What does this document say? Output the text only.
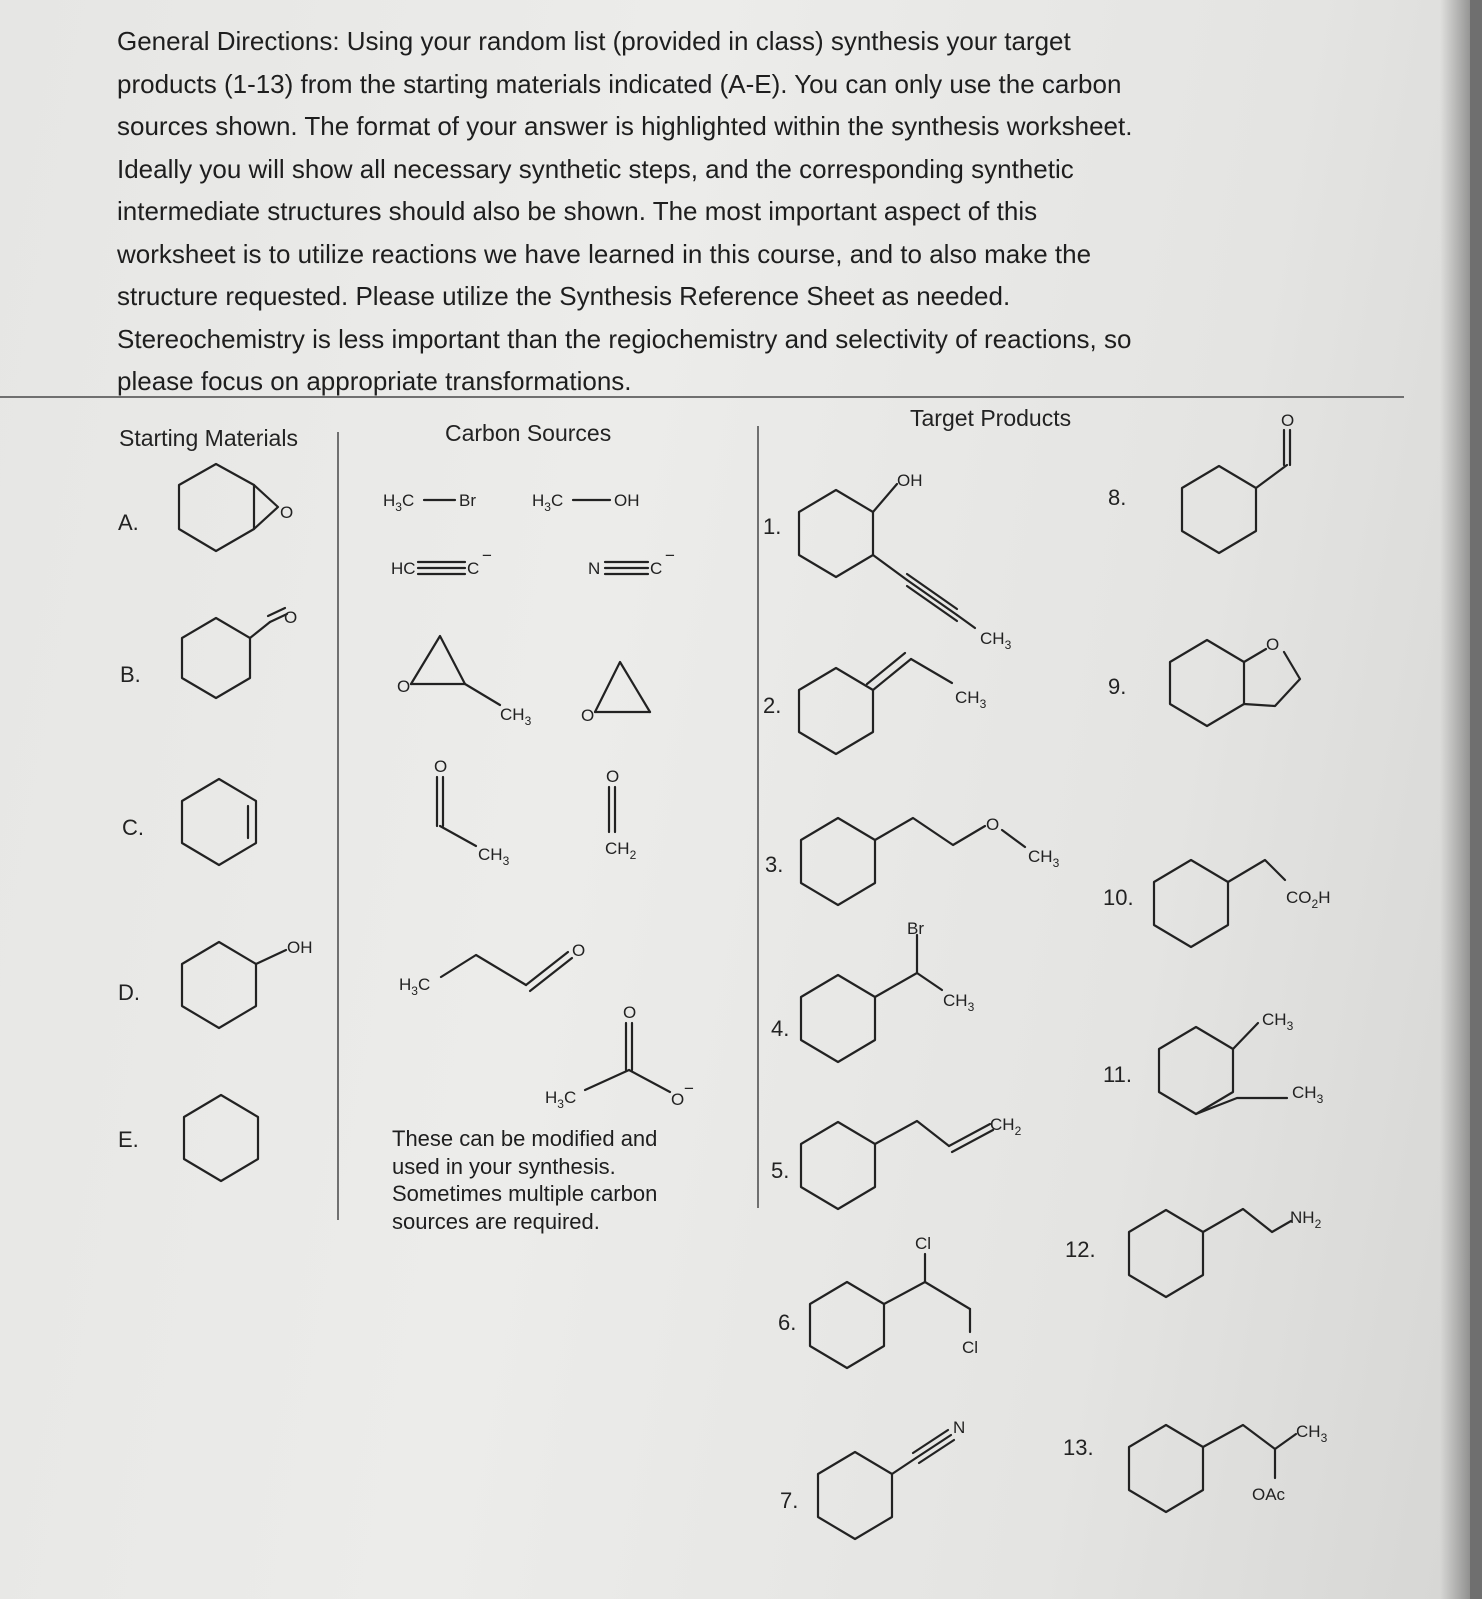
General Directions: Using your random list (provided in class) synthesis your target

products (1-13) from the starting materials indicated (A-E). You can only use the carbon

sources shown. The format of your answer is highlighted within the synthesis worksheet.

Ideally you will show all necessary synthetic steps, and the corresponding synthetic

intermediate structures should also be shown. The most important aspect of this

worksheet is to utilize reactions we have learned in this course, and to also make the

structure requested. Please utilize the Synthesis Reference Sheet as needed.

Stereochemistry is less important than the regiochemistry and selectivity of reactions, so

please focus on appropriate transformations.

Starting Materials	Carbon Sources
Target Products
A.
B.
C.
D.
E.
1.
2.
3.
4.
5.
6.
7.
8.
9.
10.
11.
12.
13.
These can be modified and
used in your synthesis.
Sometimes multiple carbon
sources are required.
O
O
OH
$H_3C$	Br	$H_3C$	OH
HC	C
−
N	C
−
O
$CH_3$	O
O
$CH_3$
O
$CH_2$
$H_3C$
O
O
$H_3C$	O
−
OH
$CH_3$
$CH_3$
O
$CH_3$
Br
$CH_3$
$CH_2$
Cl
Cl
N
O
O
$CO_2H$
$CH_3$
$CH_3$
$NH_2$
$CH_3$
OAc
